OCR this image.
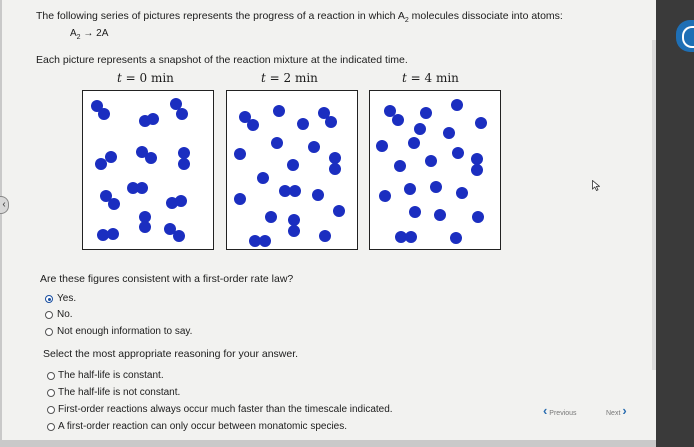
‹
The following series of pictures represents the progress of a reaction in which $A_2$ molecules dissociate into atoms:
$A_2 \to 2A$
Each picture represents a snapshot of the reaction mixture at the indicated time.
t = 0 min	t = 2 min	t = 4 min
Are these figures consistent with a first-order rate law?
Yes.
No.
Not enough information to say.
Select the most appropriate reasoning for your answer.
The half-life is constant.
The half-life is not constant.
First-order reactions always occur much faster than the timescale indicated.
A first-order reaction can only occur between monatomic species.
‹ Previous	Next ›
